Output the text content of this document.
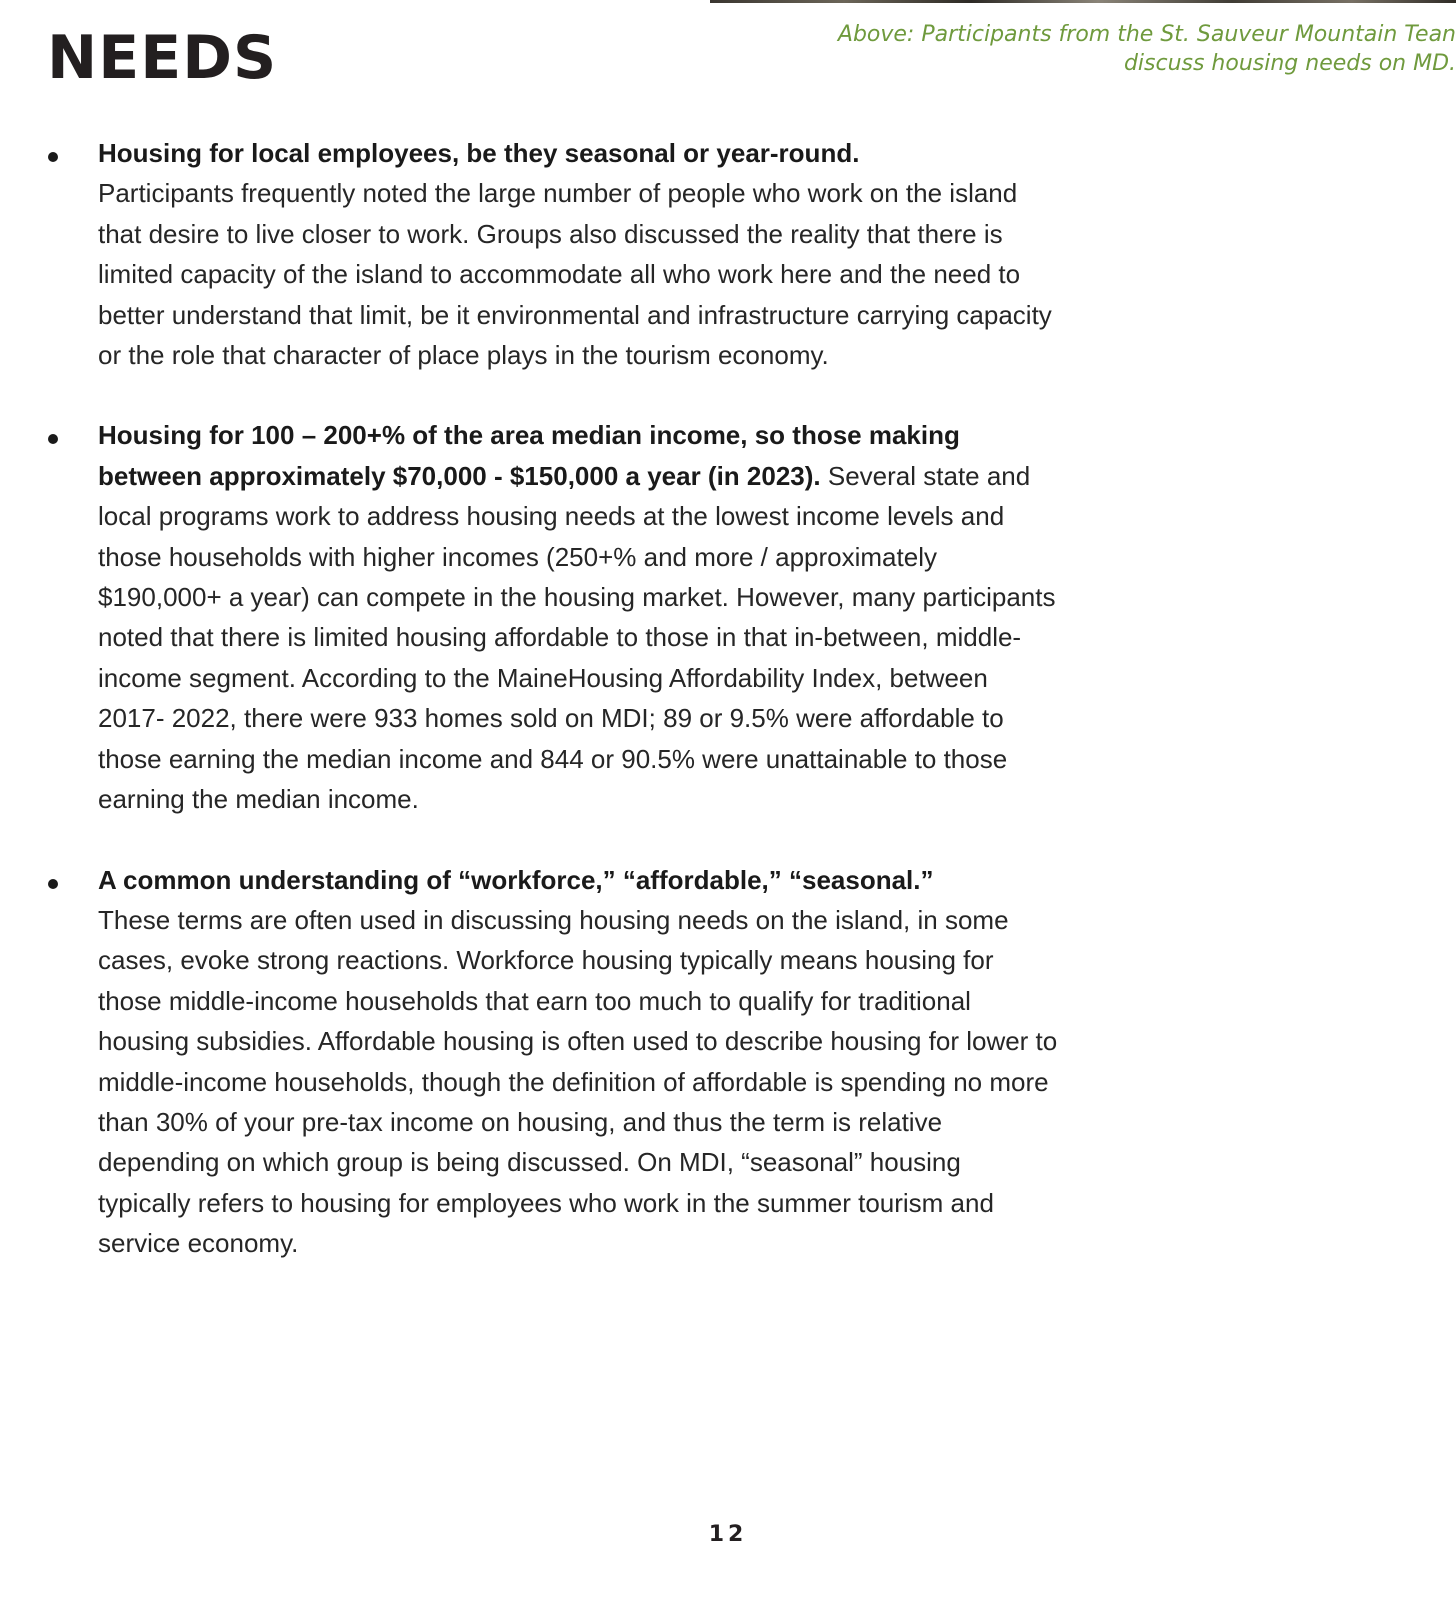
NEEDS	Above: Participants from the St. Sauveur Mountain Tean
discuss housing needs on MD.
Housing for local employees, be they seasonal or year-round.
Participants frequently noted the large number of people who work on the island that desire to live closer to work. Groups also discussed the reality that there is limited capacity of the island to accommodate all who work here and the need to better understand that limit, be it environmental and infrastructure carrying capacity or the role that character of place plays in the tourism economy.
Housing for 100 – 200+% of the area median income, so those making between approximately $70,000 - $150,000 a year (in 2023). Several state and local programs work to address housing needs at the lowest income levels and those households with higher incomes (250+% and more / approximately $190,000+ a year) can compete in the housing market. However, many participants noted that there is limited housing affordable to those in that in-between, middle-income segment. According to the MaineHousing Affordability Index, between 2017- 2022, there were 933 homes sold on MDI; 89 or 9.5% were affordable to those earning the median income and 844 or 90.5% were unattainable to those earning the median income.
A common understanding of “workforce,” “affordable,” “seasonal.”
These terms are often used in discussing housing needs on the island, in some cases, evoke strong reactions. Workforce housing typically means housing for those middle-income households that earn too much to qualify for traditional housing subsidies. Affordable housing is often used to describe housing for lower to middle-income households, though the definition of affordable is spending no more than 30% of your pre-tax income on housing, and thus the term is relative depending on which group is being discussed. On MDI, “seasonal” housing typically refers to housing for employees who work in the summer tourism and service economy.
12
